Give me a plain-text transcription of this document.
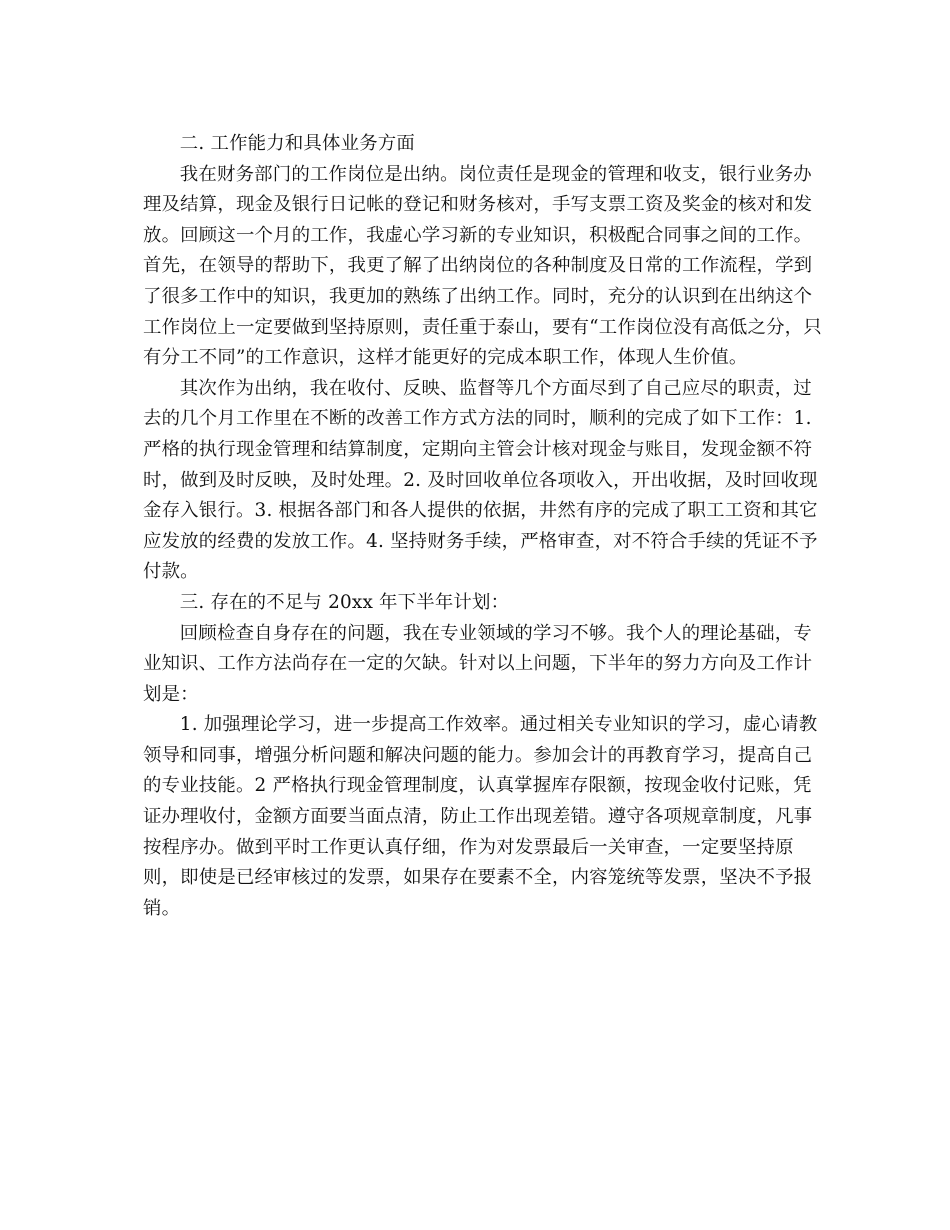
二. 工作能力和具体业务方面

我在财务部门的工作岗位是出纳。岗位责任是现金的管理和收支，银行业务办理及结算，现金及银行日记帐的登记和财务核对，手写支票工资及奖金的核对和发放。回顾这一个月的工作，我虚心学习新的专业知识，积极配合同事之间的工作。首先，在领导的帮助下，我更了解了出纳岗位的各种制度及日常的工作流程，学到了很多工作中的知识，我更加的熟练了出纳工作。同时，充分的认识到在出纳这个工作岗位上一定要做到坚持原则，责任重于泰山，要有“工作岗位没有高低之分，只有分工不同”的工作意识，这样才能更好的完成本职工作，体现人生价值。

其次作为出纳，我在收付、反映、监督等几个方面尽到了自己应尽的职责，过去的几个月工作里在不断的改善工作方式方法的同时，顺利的完成了如下工作：1. 严格的执行现金管理和结算制度，定期向主管会计核对现金与账目，发现金额不符时，做到及时反映，及时处理。2. 及时回收单位各项收入，开出收据，及时回收现金存入银行。3. 根据各部门和各人提供的依据，井然有序的完成了职工工资和其它应发放的经费的发放工作。4. 坚持财务手续，严格审查，对不符合手续的凭证不予付款。

三. 存在的不足与 20xx 年下半年计划：

回顾检查自身存在的问题，我在专业领域的学习不够。我个人的理论基础，专业知识、工作方法尚存在一定的欠缺。针对以上问题，下半年的努力方向及工作计划是：

1. 加强理论学习，进一步提高工作效率。通过相关专业知识的学习，虚心请教领导和同事，增强分析问题和解决问题的能力。参加会计的再教育学习，提高自己的专业技能。2 严格执行现金管理制度，认真掌握库存限额，按现金收付记账，凭证办理收付，金额方面要当面点清，防止工作出现差错。遵守各项规章制度，凡事按程序办。做到平时工作更认真仔细，作为对发票最后一关审查，一定要坚持原则，即使是已经审核过的发票，如果存在要素不全，内容笼统等发票，坚决不予报销。
